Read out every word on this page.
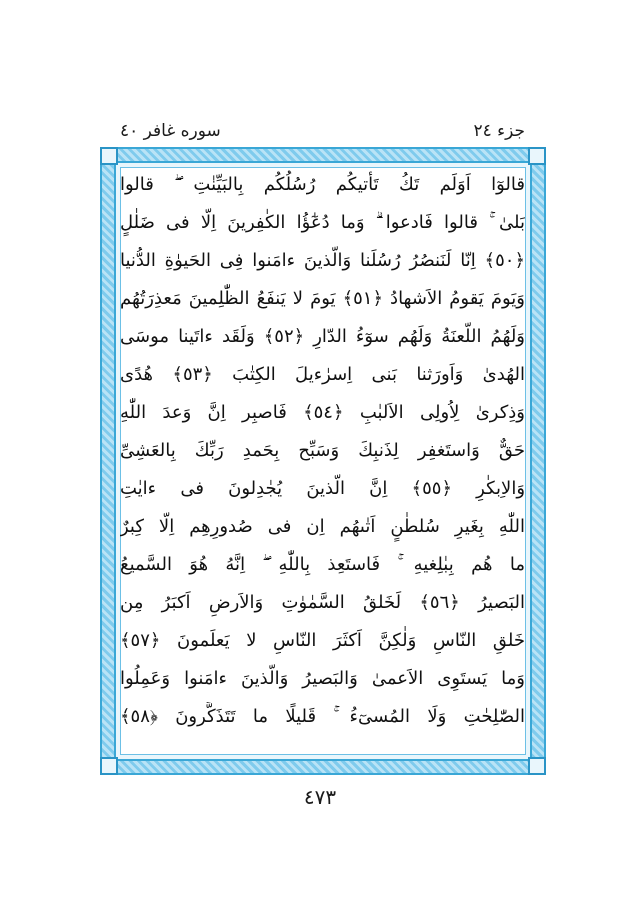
جزء ٢٤
سوره غافر ٤٠
قالوٓا اَوَلَم تَكُ تَأتيكُم رُسُلُكُم بِالبَيِّنٰتِ ۖ قالوا
بَلىٰ ۚ قالوا فَادعوا ۗ وَما دُعٰٓؤُا الكٰفِرينَ اِلّا فى ضَلٰلٍ
﴿٥٠﴾ اِنّا لَنَنصُرُ رُسُلَنا وَالَّذينَ ءامَنوا فِى الحَيوٰةِ الدُّنيا
وَيَومَ يَقومُ الاَشهادُ ﴿٥١﴾ يَومَ لا يَنفَعُ الظّٰلِمينَ مَعذِرَتُهُم
وَلَهُمُ اللَّعنَةُ وَلَهُم سوٓءُ الدّارِ ﴿٥٢﴾ وَلَقَد ءاتَينا موسَى
الهُدىٰ وَاَورَثنا بَنى اِسرٰءيلَ الكِتٰبَ ﴿٥٣﴾ هُدًى
وَذِكرىٰ لِاُولِى الاَلبٰبِ ﴿٥٤﴾ فَاصبِر اِنَّ وَعدَ اللّٰهِ
حَقٌّ وَاستَغفِر لِذَنبِكَ وَسَبِّح بِحَمدِ رَبِّكَ بِالعَشِىِّ
وَالاِبكٰرِ ﴿٥٥﴾ اِنَّ الَّذينَ يُجٰدِلونَ فى ءايٰتِ
اللّٰهِ بِغَيرِ سُلطٰنٍ اَتٰىهُم اِن فى صُدورِهِم اِلّا كِبرٌ
ما هُم بِبٰلِغيهِ ۚ فَاستَعِذ بِاللّٰهِ ۖ اِنَّهُ هُوَ السَّميعُ
البَصيرُ ﴿٥٦﴾ لَخَلقُ السَّمٰوٰتِ وَالاَرضِ اَكبَرُ مِن
خَلقِ النّاسِ وَلٰكِنَّ اَكثَرَ النّاسِ لا يَعلَمونَ ﴿٥٧﴾
وَما يَستَوِى الاَعمىٰ وَالبَصيرُ وَالَّذينَ ءامَنوا وَعَمِلُوا
الصّٰلِحٰتِ وَلَا المُسىٓءُ ۚ قَليلًا ما تَتَذَكَّرونَ ﴿٥٨﴾
٤٧٣
